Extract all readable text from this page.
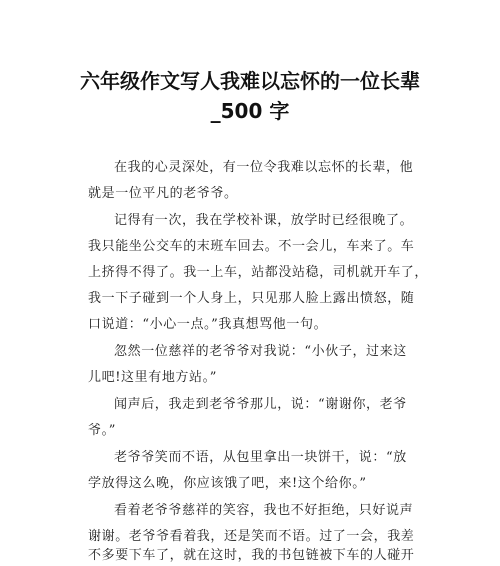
六年级作文写人我难以忘怀的一位长辈
_500 字
在我的心灵深处，有一位令我难以忘怀的长辈，他
就是一位平凡的老爷爷。
记得有一次，我在学校补课，放学时已经很晚了。
我只能坐公交车的末班车回去。不一会儿，车来了。车
上挤得不得了。我一上车，站都没站稳，司机就开车了，
我一下子碰到一个人身上，只见那人脸上露出愤怒，随
口说道：“小心一点。”我真想骂他一句。
忽然一位慈祥的老爷爷对我说：“小伙子，过来这
儿吧!这里有地方站。”
闻声后，我走到老爷爷那儿，说：“谢谢你，老爷
爷。”
老爷爷笑而不语，从包里拿出一块饼干，说：“放
学放得这么晚，你应该饿了吧，来!这个给你。”
看着老爷爷慈祥的笑容，我也不好拒绝，只好说声
谢谢。老爷爷看着我，还是笑而不语。过了一会，我差
不多要下车了，就在这时，我的书包链被下车的人碰开
